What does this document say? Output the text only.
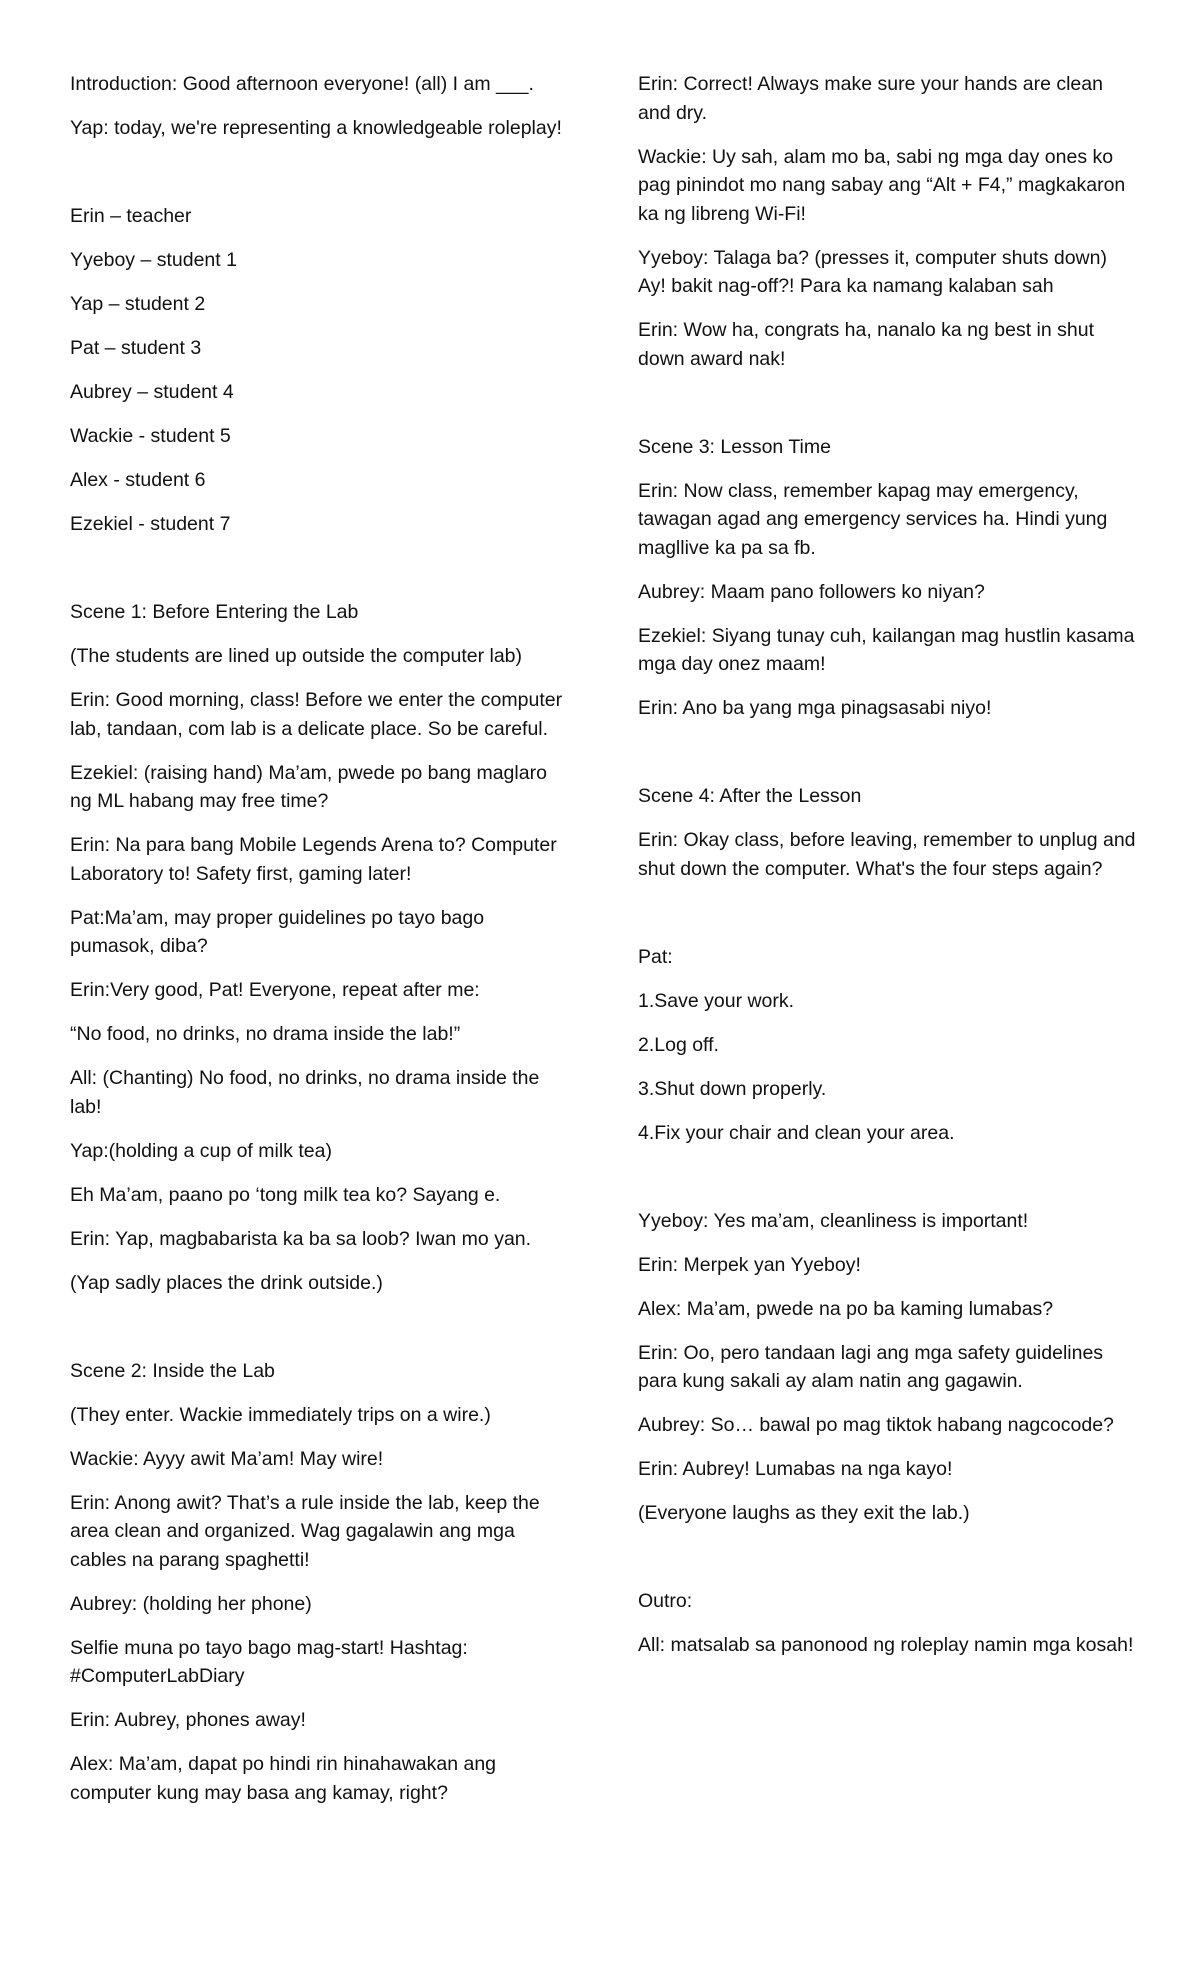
Introduction: Good afternoon everyone! (all) I am ___.

Yap: today, we're representing a knowledgeable roleplay!

Erin – teacher

Yyeboy – student 1

Yap – student 2

Pat – student 3

Aubrey – student 4

Wackie - student 5

Alex - student 6

Ezekiel - student 7

Scene 1: Before Entering the Lab

(The students are lined up outside the computer lab)

Erin: Good morning, class! Before we enter the computer lab, tandaan, com lab is a delicate place. So be careful.

Ezekiel: (raising hand) Ma’am, pwede po bang maglaro ng ML habang may free time?

Erin: Na para bang Mobile Legends Arena to? Computer Laboratory to! Safety first, gaming later!

Pat:Ma’am, may proper guidelines po tayo bago pumasok, diba?

Erin:Very good, Pat! Everyone, repeat after me:

“No food, no drinks, no drama inside the lab!”

All: (Chanting) No food, no drinks, no drama inside the lab!

Yap:(holding a cup of milk tea)

Eh Ma’am, paano po ‘tong milk tea ko? Sayang e.

Erin: Yap, magbabarista ka ba sa loob? Iwan mo yan.

(Yap sadly places the drink outside.)

Scene 2: Inside the Lab

(They enter. Wackie immediately trips on a wire.)

Wackie: Ayyy awit Ma’am! May wire!

Erin: Anong awit? That’s a rule inside the lab, keep the area clean and organized. Wag gagalawin ang mga cables na parang spaghetti!

Aubrey: (holding her phone)

Selfie muna po tayo bago mag-start! Hashtag: #ComputerLabDiary

Erin: Aubrey, phones away!

Alex: Ma’am, dapat po hindi rin hinahawakan ang computer kung may basa ang kamay, right?

Erin: Correct! Always make sure your hands are clean and dry.

Wackie: Uy sah, alam mo ba, sabi ng mga day ones ko pag pinindot mo nang sabay ang “Alt + F4,” magkakaron ka ng libreng Wi-Fi!

Yyeboy: Talaga ba? (presses it, computer shuts down) Ay! bakit nag-off?! Para ka namang kalaban sah

Erin: Wow ha, congrats ha, nanalo ka ng best in shut down award nak!

Scene 3: Lesson Time

Erin: Now class, remember kapag may emergency, tawagan agad ang emergency services ha. Hindi yung magllive ka pa sa fb.

Aubrey: Maam pano followers ko niyan?

Ezekiel: Siyang tunay cuh, kailangan mag hustlin kasama mga day onez maam!

Erin: Ano ba yang mga pinagsasabi niyo!

Scene 4: After the Lesson

Erin: Okay class, before leaving, remember to unplug and shut down the computer. What's the four steps again?

Pat:

1.Save your work.

2.Log off.

3.Shut down properly.

4.Fix your chair and clean your area.

Yyeboy: Yes ma’am, cleanliness is important!

Erin: Merpek yan Yyeboy!

Alex: Ma’am, pwede na po ba kaming lumabas?

Erin: Oo, pero tandaan lagi ang mga safety guidelines para kung sakali ay alam natin ang gagawin.

Aubrey: So… bawal po mag tiktok habang nagcocode?

Erin: Aubrey! Lumabas na nga kayo!

(Everyone laughs as they exit the lab.)

Outro:

All: matsalab sa panonood ng roleplay namin mga kosah!
